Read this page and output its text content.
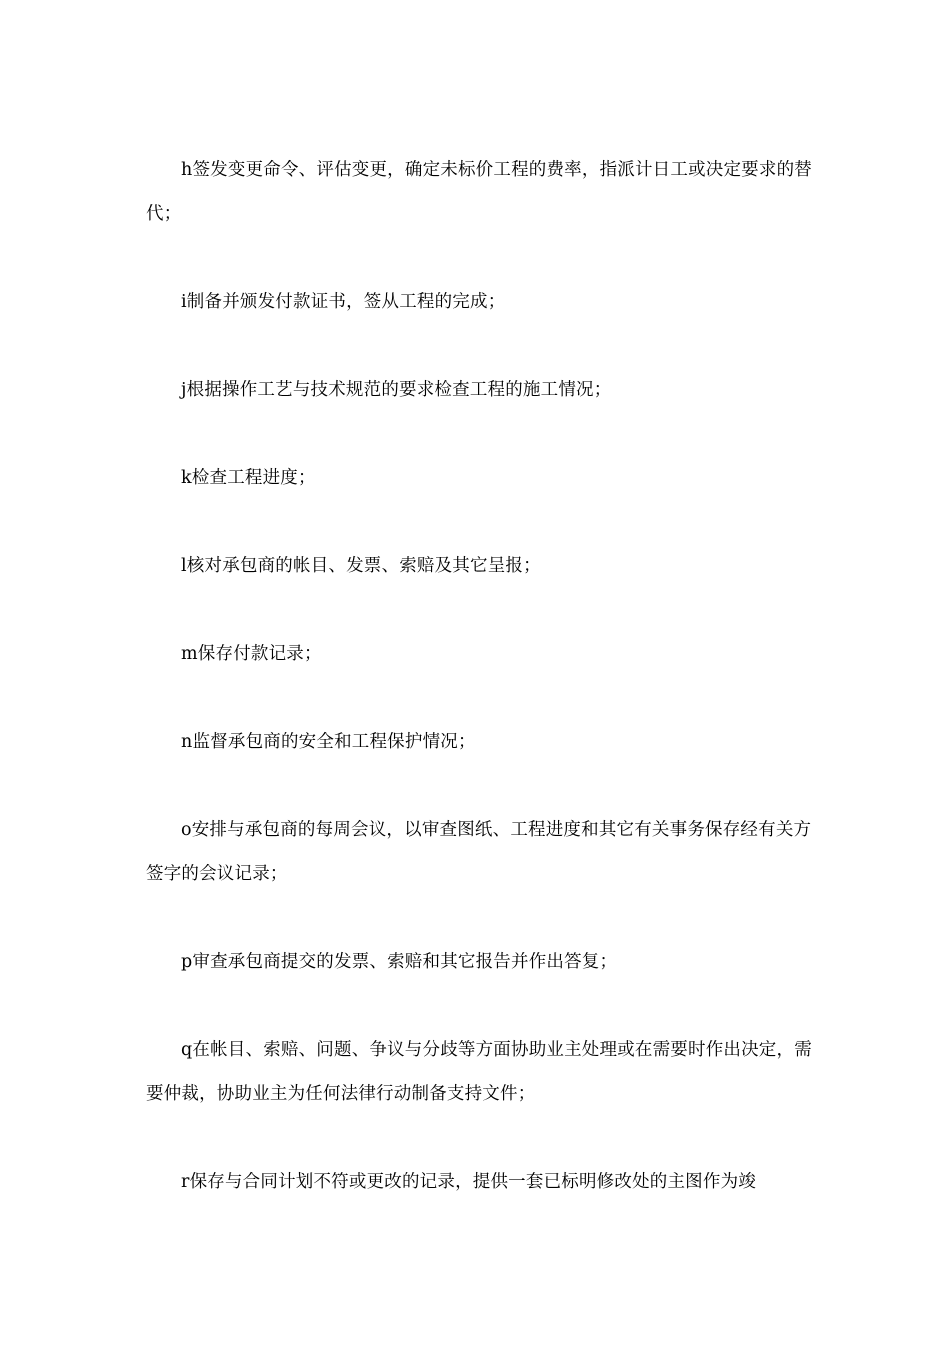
h签发变更命令、评估变更，确定未标价工程的费率，指派计日工或决定要求的替代；

i制备并颁发付款证书，签从工程的完成；

j根据操作工艺与技术规范的要求检查工程的施工情况；

k检查工程进度；

l核对承包商的帐目、发票、索赔及其它呈报；

m保存付款记录；

n监督承包商的安全和工程保护情况；

o安排与承包商的每周会议，以审查图纸、工程进度和其它有关事务保存经有关方签字的会议记录；

p审查承包商提交的发票、索赔和其它报告并作出答复；

q在帐目、索赔、问题、争议与分歧等方面协助业主处理或在需要时作出决定，需要仲裁，协助业主为任何法律行动制备支持文件；

r保存与合同计划不符或更改的记录，提供一套已标明修改处的主图作为竣
